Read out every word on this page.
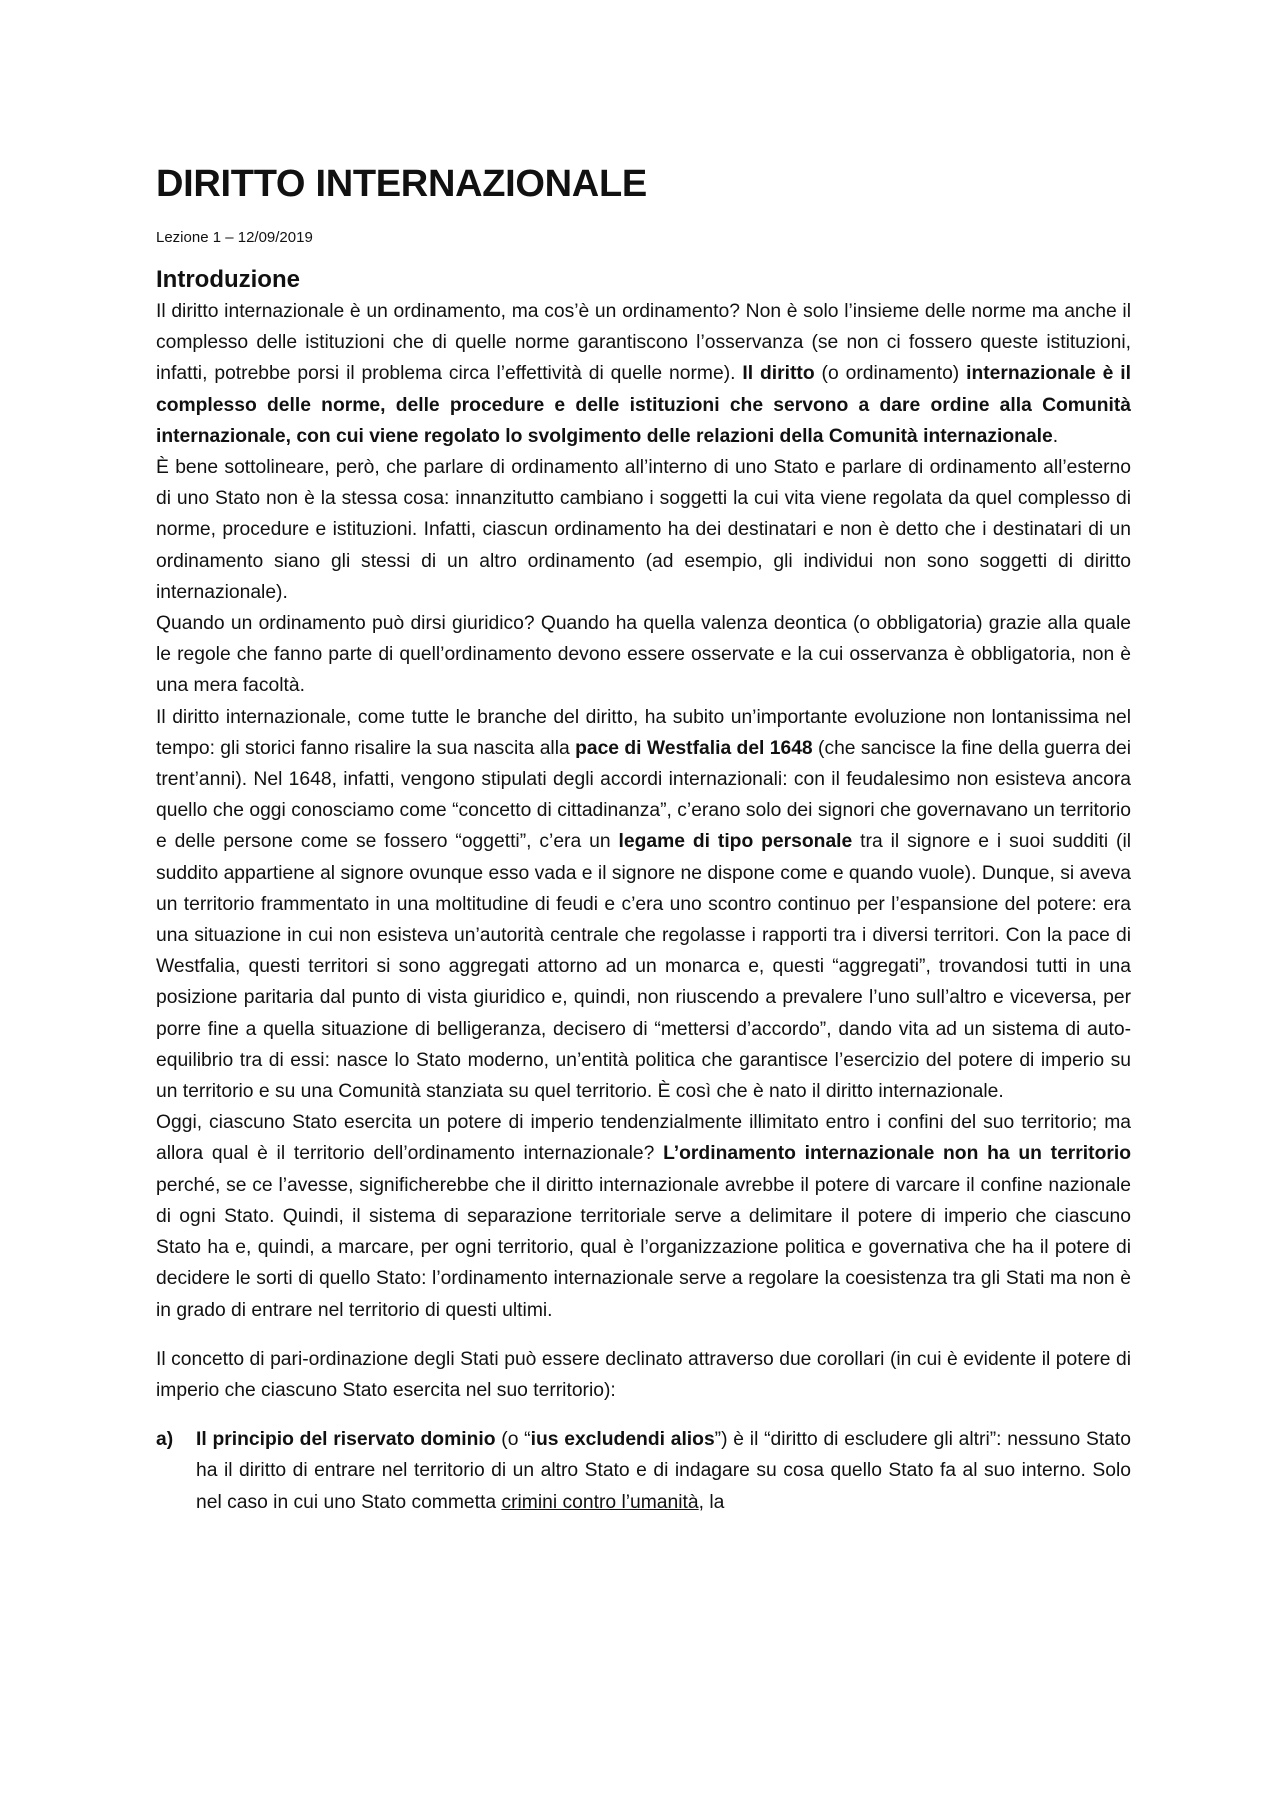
DIRITTO INTERNAZIONALE
Lezione 1 – 12/09/2019
Introduzione

Il diritto internazionale è un ordinamento, ma cos’è un ordinamento? Non è solo l’insieme delle norme ma anche il complesso delle istituzioni che di quelle norme garantiscono l’osservanza (se non ci fossero queste istituzioni, infatti, potrebbe porsi il problema circa l’effettività di quelle norme). Il diritto (o ordinamento) internazionale è il complesso delle norme, delle procedure e delle istituzioni che servono a dare ordine alla Comunità internazionale, con cui viene regolato lo svolgimento delle relazioni della Comunità internazionale.

È bene sottolineare, però, che parlare di ordinamento all’interno di uno Stato e parlare di ordinamento all’esterno di uno Stato non è la stessa cosa: innanzitutto cambiano i soggetti la cui vita viene regolata da quel complesso di norme, procedure e istituzioni. Infatti, ciascun ordinamento ha dei destinatari e non è detto che i destinatari di un ordinamento siano gli stessi di un altro ordinamento (ad esempio, gli individui non sono soggetti di diritto internazionale).

Quando un ordinamento può dirsi giuridico? Quando ha quella valenza deontica (o obbligatoria) grazie alla quale le regole che fanno parte di quell’ordinamento devono essere osservate e la cui osservanza è obbligatoria, non è una mera facoltà.

Il diritto internazionale, come tutte le branche del diritto, ha subito un’importante evoluzione non lontanissima nel tempo: gli storici fanno risalire la sua nascita alla pace di Westfalia del 1648 (che sancisce la fine della guerra dei trent’anni). Nel 1648, infatti, vengono stipulati degli accordi internazionali: con il feudalesimo non esisteva ancora quello che oggi conosciamo come “concetto di cittadinanza”, c’erano solo dei signori che governavano un territorio e delle persone come se fossero “oggetti”, c’era un legame di tipo personale tra il signore e i suoi sudditi (il suddito appartiene al signore ovunque esso vada e il signore ne dispone come e quando vuole). Dunque, si aveva un territorio frammentato in una moltitudine di feudi e c’era uno scontro continuo per l’espansione del potere: era una situazione in cui non esisteva un’autorità centrale che regolasse i rapporti tra i diversi territori. Con la pace di Westfalia, questi territori si sono aggregati attorno ad un monarca e, questi “aggregati”, trovandosi tutti in una posizione paritaria dal punto di vista giuridico e, quindi, non riuscendo a prevalere l’uno sull’altro e viceversa, per porre fine a quella situazione di belligeranza, decisero di “mettersi d’accordo”, dando vita ad un sistema di auto-equilibrio tra di essi: nasce lo Stato moderno, un’entità politica che garantisce l’esercizio del potere di imperio su un territorio e su una Comunità stanziata su quel territorio. È così che è nato il diritto internazionale.

Oggi, ciascuno Stato esercita un potere di imperio tendenzialmente illimitato entro i confini del suo territorio; ma allora qual è il territorio dell’ordinamento internazionale? L’ordinamento internazionale non ha un territorio perché, se ce l’avesse, significherebbe che il diritto internazionale avrebbe il potere di varcare il confine nazionale di ogni Stato. Quindi, il sistema di separazione territoriale serve a delimitare il potere di imperio che ciascuno Stato ha e, quindi, a marcare, per ogni territorio, qual è l’organizzazione politica e governativa che ha il potere di decidere le sorti di quello Stato: l’ordinamento internazionale serve a regolare la coesistenza tra gli Stati ma non è in grado di entrare nel territorio di questi ultimi.

Il concetto di pari-ordinazione degli Stati può essere declinato attraverso due corollari (in cui è evidente il potere di imperio che ciascuno Stato esercita nel suo territorio):

a) Il principio del riservato dominio (o “ius excludendi alios”) è il “diritto di escludere gli altri”: nessuno Stato ha il diritto di entrare nel territorio di un altro Stato e di indagare su cosa quello Stato fa al suo interno. Solo nel caso in cui uno Stato commetta crimini contro l’umanità, la
